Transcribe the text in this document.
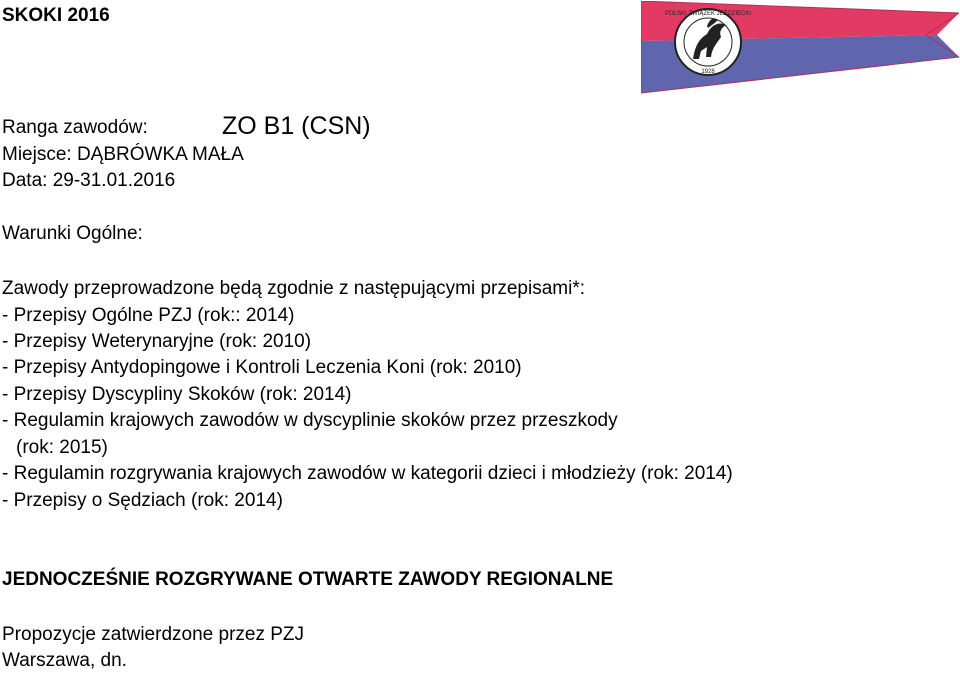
SKOKI 2016	POLSKI ZWIĄZEK JEŹDZIECKI
1928
Ranga zawodów:	ZO B1 (CSN)
Miejsce: DĄBRÓWKA MAŁA
Data: 29-31.01.2016
Warunki Ogólne:
Zawody przeprowadzone będą zgodnie z następującymi przepisami*:
- Przepisy Ogólne PZJ (rok:: 2014)
- Przepisy Weterynaryjne (rok: 2010)
- Przepisy Antydopingowe i Kontroli Leczenia Koni (rok: 2010)
- Przepisy Dyscypliny Skoków (rok: 2014)
- Regulamin krajowych zawodów w dyscyplinie skoków przez przeszkody
(rok: 2015)
- Regulamin rozgrywania krajowych zawodów w kategorii dzieci i młodzieży (rok: 2014)
- Przepisy o Sędziach (rok: 2014)
JEDNOCZEŚNIE ROZGRYWANE OTWARTE ZAWODY REGIONALNE
Propozycje zatwierdzone przez PZJ
Warszawa, dn.
